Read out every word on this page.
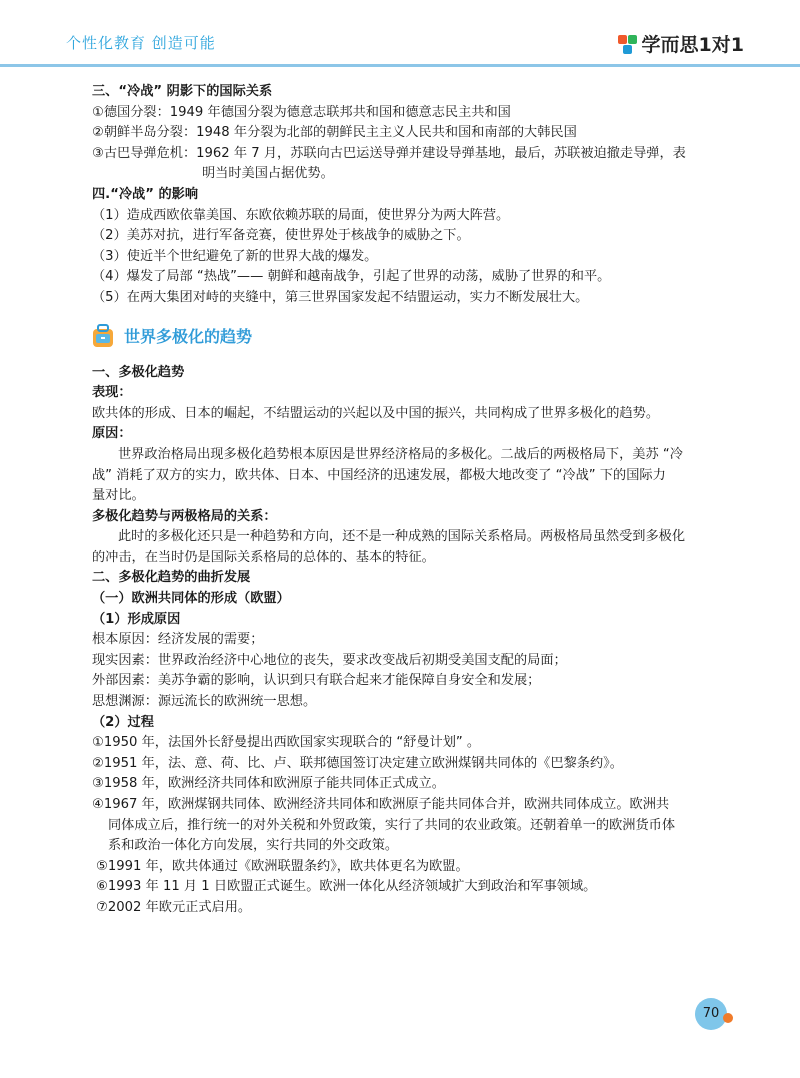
个性化教育 创造可能	学而思1对1
三、“冷战” 阴影下的国际关系
①德国分裂：1949 年德国分裂为德意志联邦共和国和德意志民主共和国
②朝鲜半岛分裂：1948 年分裂为北部的朝鲜民主主义人民共和国和南部的大韩民国
③古巴导弹危机：1962 年 7 月，苏联向古巴运送导弹并建设导弹基地，最后，苏联被迫撤走导弹，表
明当时美国占据优势。
四.“冷战” 的影响
（1）造成西欧依靠美国、东欧依赖苏联的局面，使世界分为两大阵营。
（2）美苏对抗，进行军备竞赛，使世界处于核战争的威胁之下。
（3）使近半个世纪避免了新的世界大战的爆发。
（4）爆发了局部 “热战”—— 朝鲜和越南战争，引起了世界的动荡，威胁了世界的和平。
（5）在两大集团对峙的夹缝中，第三世界国家发起不结盟运动，实力不断发展壮大。
世界多极化的趋势
一、多极化趋势
表现：
欧共体的形成、日本的崛起，不结盟运动的兴起以及中国的振兴，共同构成了世界多极化的趋势。
原因：
世界政治格局出现多极化趋势根本原因是世界经济格局的多极化。二战后的两极格局下，美苏 “冷
战” 消耗了双方的实力，欧共体、日本、中国经济的迅速发展，都极大地改变了 “冷战” 下的国际力
量对比。
多极化趋势与两极格局的关系：
此时的多极化还只是一种趋势和方向，还不是一种成熟的国际关系格局。两极格局虽然受到多极化
的冲击，在当时仍是国际关系格局的总体的、基本的特征。
二、多极化趋势的曲折发展
（一）欧洲共同体的形成（欧盟）
（1）形成原因
根本原因：经济发展的需要；
现实因素：世界政治经济中心地位的丧失，要求改变战后初期受美国支配的局面；
外部因素：美苏争霸的影响，认识到只有联合起来才能保障自身安全和发展；
思想渊源：源远流长的欧洲统一思想。
（2）过程
①1950 年，法国外长舒曼提出西欧国家实现联合的 “舒曼计划” 。
②1951 年，法、意、荷、比、卢、联邦德国签订决定建立欧洲煤钢共同体的《巴黎条约》。
③1958 年，欧洲经济共同体和欧洲原子能共同体正式成立。
④1967 年，欧洲煤钢共同体、欧洲经济共同体和欧洲原子能共同体合并，欧洲共同体成立。欧洲共
同体成立后，推行统一的对外关税和外贸政策，实行了共同的农业政策。还朝着单一的欧洲货币体
系和政治一体化方向发展，实行共同的外交政策。
⑤1991 年，欧共体通过《欧洲联盟条约》，欧共体更名为欧盟。
⑥1993 年 11 月 1 日欧盟正式诞生。欧洲一体化从经济领域扩大到政治和军事领域。
⑦2002 年欧元正式启用。
70
